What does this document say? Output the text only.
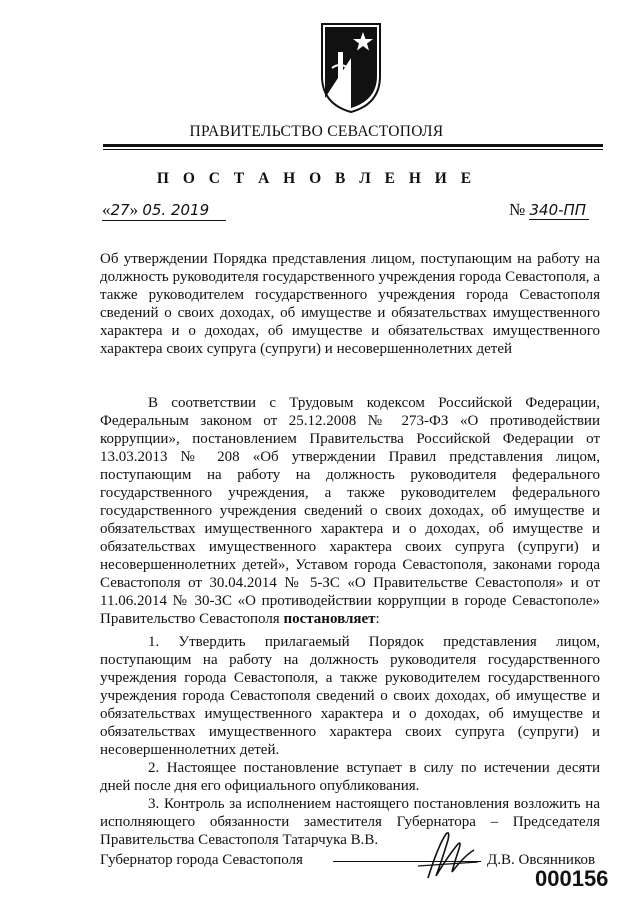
ПРАВИТЕЛЬСТВО СЕВАСТОПОЛЯ
П О С Т А Н О В Л Е Н И Е
«27» 05. 2019	№ 340-ПП
Об утверждении Порядка представления лицом, поступающим на работу на должность руководителя государственного учреждения города Севастополя, а также руководителем государственного учреждения города Севастополя сведений о своих доходах, об имуществе и обязательствах имущественного характера и о доходах, об имуществе и обязательствах имущественного характера своих супруга (супруги) и несовершеннолетних детей

В соответствии с Трудовым кодексом Российской Федерации, Федеральным законом от 25.12.2008 № 273-ФЗ «О противодействии коррупции», постановлением Правительства Российской Федерации от 13.03.2013 № 208 «Об утверждении Правил представления лицом, поступающим на работу на должность руководителя федерального государственного учреждения, а также руководителем федерального государственного учреждения сведений о своих доходах, об имуществе и обязательствах имущественного характера и о доходах, об имуществе и обязательствах имущественного характера своих супруга (супруги) и несовершеннолетних детей», Уставом города Севастополя, законами города Севастополя от 30.04.2014 № 5-ЗС «О Правительстве Севастополя» и от 11.06.2014 № 30-ЗС «О противодействии коррупции в городе Севастополе» Правительство Севастополя постановляет:

1. Утвердить прилагаемый Порядок представления лицом, поступающим на работу на должность руководителя государственного учреждения города Севастополя, а также руководителем государственного учреждения города Севастополя сведений о своих доходах, об имуществе и обязательствах имущественного характера и о доходах, об имуществе и обязательствах имущественного характера своих супруга (супруги) и несовершеннолетних детей.

2. Настоящее постановление вступает в силу по истечении десяти дней после дня его официального опубликования.

3. Контроль за исполнением настоящего постановления возложить на исполняющего обязанности заместителя Губернатора – Председателя Правительства Севастополя Татарчука В.В.

Губернатор города Севастополя	Д.В. Овсянников
000156
